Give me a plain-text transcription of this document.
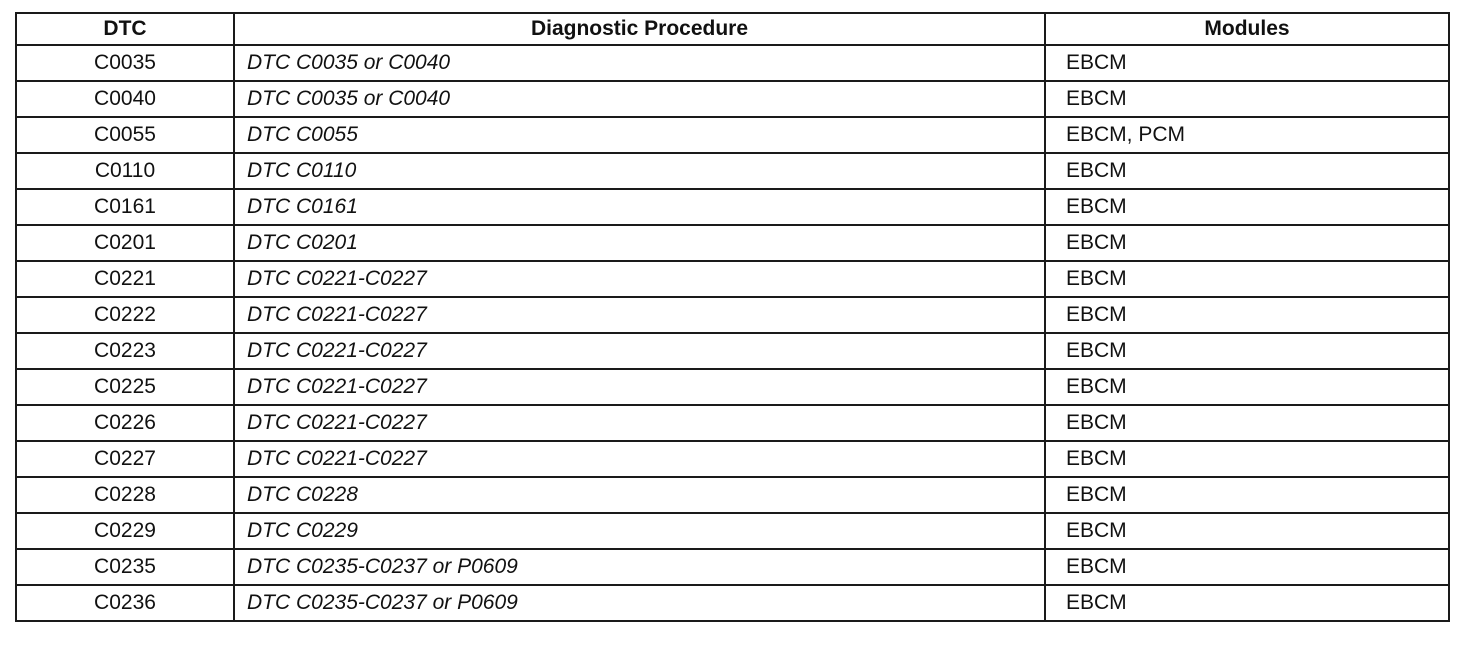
DTC	Diagnostic Procedure	Modules
C0035	DTC C0035 or C0040	EBCM
C0040	DTC C0035 or C0040	EBCM
C0055	DTC C0055	EBCM, PCM
C0110	DTC C0110	EBCM
C0161	DTC C0161	EBCM
C0201	DTC C0201	EBCM
C0221	DTC C0221-C0227	EBCM
C0222	DTC C0221-C0227	EBCM
C0223	DTC C0221-C0227	EBCM
C0225	DTC C0221-C0227	EBCM
C0226	DTC C0221-C0227	EBCM
C0227	DTC C0221-C0227	EBCM
C0228	DTC C0228	EBCM
C0229	DTC C0229	EBCM
C0235	DTC C0235-C0237 or P0609	EBCM
C0236	DTC C0235-C0237 or P0609	EBCM
